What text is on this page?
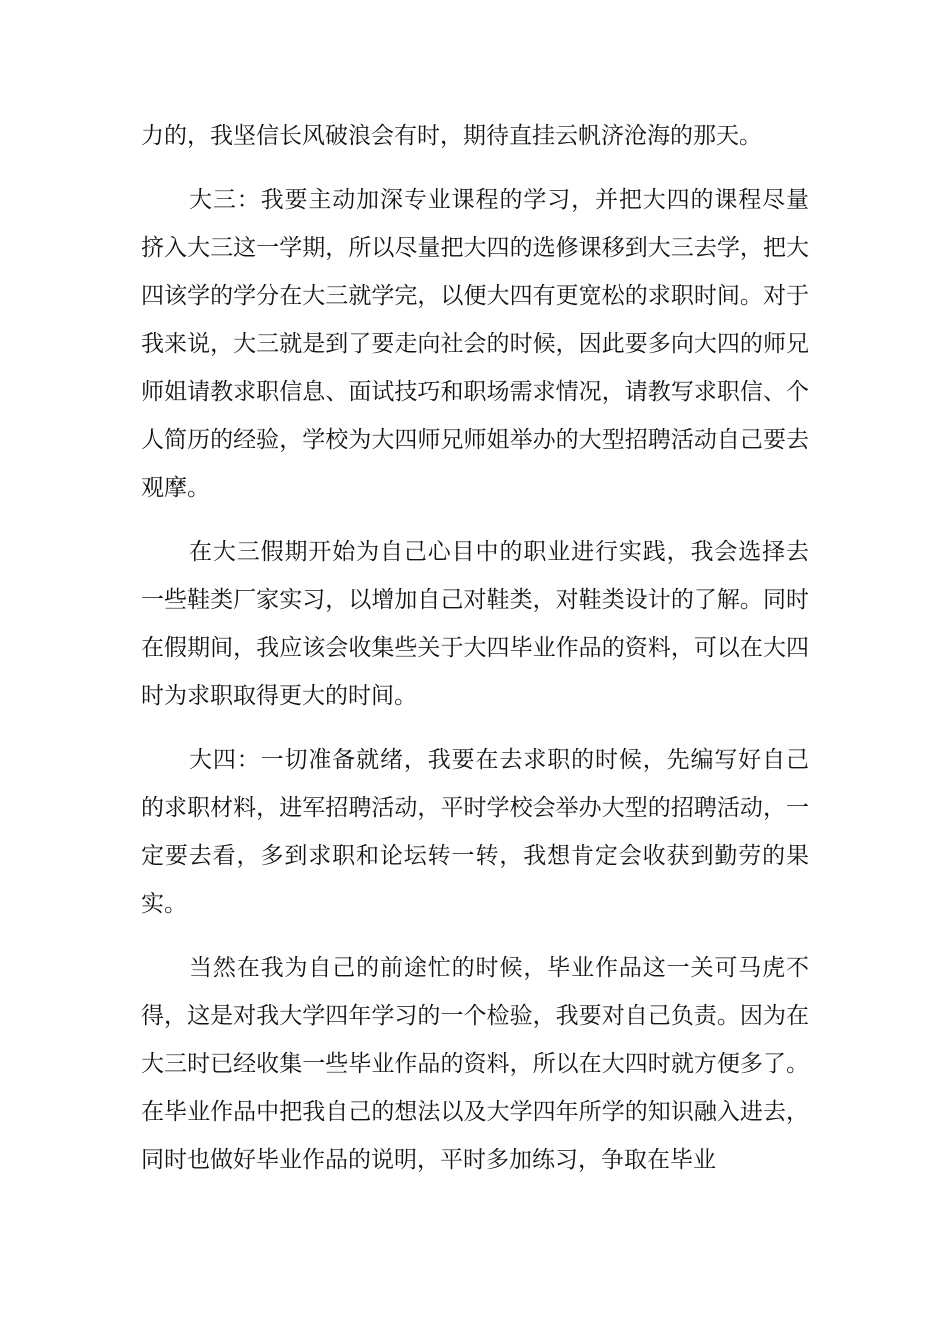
力的，我坚信长风破浪会有时，期待直挂云帆济沧海的那天。

大三：我要主动加深专业课程的学习，并把大四的课程尽量挤入大三这一学期，所以尽量把大四的选修课移到大三去学，把大四该学的学分在大三就学完，以便大四有更宽松的求职时间。对于我来说，大三就是到了要走向社会的时候，因此要多向大四的师兄师姐请教求职信息、面试技巧和职场需求情况，请教写求职信、个人简历的经验，学校为大四师兄师姐举办的大型招聘活动自己要去观摩。

在大三假期开始为自己心目中的职业进行实践，我会选择去一些鞋类厂家实习，以增加自己对鞋类，对鞋类设计的了解。同时在假期间，我应该会收集些关于大四毕业作品的资料，可以在大四时为求职取得更大的时间。

大四：一切准备就绪，我要在去求职的时候，先编写好自己的求职材料，进军招聘活动，平时学校会举办大型的招聘活动，一定要去看，多到求职和论坛转一转，我想肯定会收获到勤劳的果实。

当然在我为自己的前途忙的时候，毕业作品这一关可马虎不得，这是对我大学四年学习的一个检验，我要对自己负责。因为在大三时已经收集一些毕业作品的资料，所以在大四时就方便多了。在毕业作品中把我自己的想法以及大学四年所学的知识融入进去，同时也做好毕业作品的说明，平时多加练习，争取在毕业
